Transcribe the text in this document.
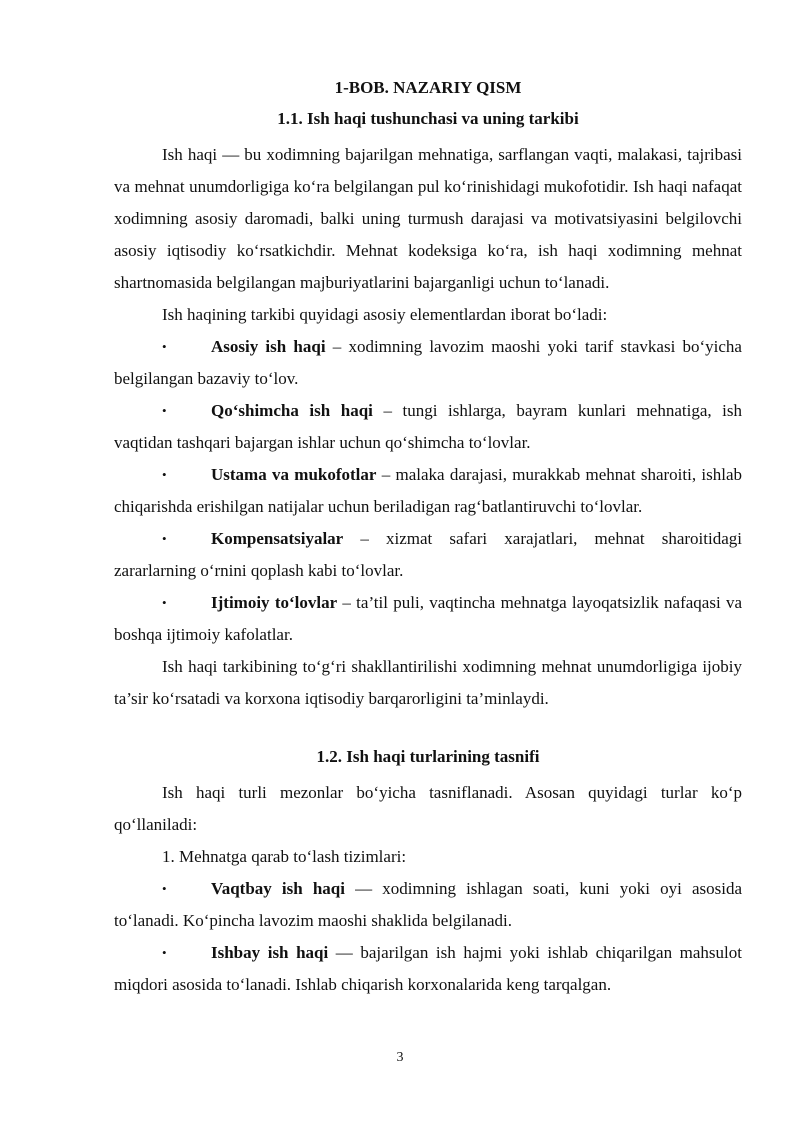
1-BOB. NAZARIY QISM
1.1. Ish haqi tushunchasi va uning tarkibi

Ish haqi — bu xodimning bajarilgan mehnatiga, sarflangan vaqti, malakasi, tajribasi va mehnat unumdorligiga ko‘ra belgilangan pul ko‘rinishidagi mukofotidir. Ish haqi nafaqat xodimning asosiy daromadi, balki uning turmush darajasi va motivatsiyasini belgilovchi asosiy iqtisodiy ko‘rsatkichdir. Mehnat kodeksiga ko‘ra, ish haqi xodimning mehnat shartnomasida belgilangan majburiyatlarini bajarganligi uchun to‘lanadi.

Ish haqining tarkibi quyidagi asosiy elementlardan iborat bo‘ladi:

•	Asosiy ish haqi – xodimning lavozim maoshi yoki tarif stavkasi bo‘yicha belgilangan bazaviy to‘lov.

•	Qo‘shimcha ish haqi – tungi ishlarga, bayram kunlari mehnatiga, ish vaqtidan tashqari bajargan ishlar uchun qo‘shimcha to‘lovlar.

•	Ustama va mukofotlar – malaka darajasi, murakkab mehnat sharoiti, ishlab chiqarishda erishilgan natijalar uchun beriladigan rag‘batlantiruvchi to‘lovlar.

•	Kompensatsiyalar – xizmat safari xarajatlari, mehnat sharoitidagi zararlarning o‘rnini qoplash kabi to‘lovlar.

•	Ijtimoiy to‘lovlar – ta’til puli, vaqtincha mehnatga layoqatsizlik nafaqasi va boshqa ijtimoiy kafolatlar.

Ish haqi tarkibining to‘g‘ri shakllantirilishi xodimning mehnat unumdorligiga ijobiy ta’sir ko‘rsatadi va korxona iqtisodiy barqarorligini ta’minlaydi.

1.2. Ish haqi turlarining tasnifi

Ish haqi turli mezonlar bo‘yicha tasniflanadi. Asosan quyidagi turlar ko‘p qo‘llaniladi:

1. Mehnatga qarab to‘lash tizimlari:

•	Vaqtbay ish haqi — xodimning ishlagan soati, kuni yoki oyi asosida to‘lanadi. Ko‘pincha lavozim maoshi shaklida belgilanadi.

•	Ishbay ish haqi — bajarilgan ish hajmi yoki ishlab chiqarilgan mahsulot miqdori asosida to‘lanadi. Ishlab chiqarish korxonalarida keng tarqalgan.

3
